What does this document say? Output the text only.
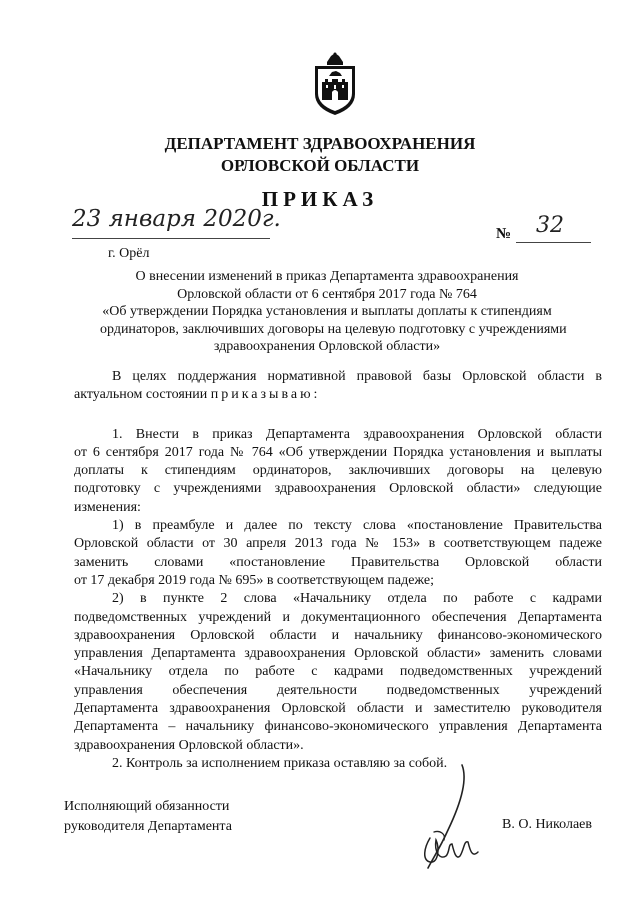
ДЕПАРТАМЕНТ ЗДРАВООХРАНЕНИЯ
ОРЛОВСКОЙ ОБЛАСТИ
ПРИКАЗ
23 января 2020г.
№ 32
г. Орёл
О внесении изменений в приказ Департамента здравоохранения
Орловской области от 6 сентября 2017 года № 764
«Об утверждении Порядка установления и выплаты доплаты к стипендиям
ординаторов, заключивших договоры на целевую подготовку с учреждениями
здравоохранения Орловской области»
В целях поддержания нормативной правовой базы Орловской области в
актуальном состоянии приказываю:
1. Внести в приказ Департамента здравоохранения Орловской области
от 6 сентября 2017 года № 764 «Об утверждении Порядка установления и выплаты
доплаты к стипендиям ординаторов, заключивших договоры на целевую
подготовку с учреждениями здравоохранения Орловской области» следующие
изменения:
1) в преамбуле и далее по тексту слова «постановление Правительства
Орловской области от 30 апреля 2013 года № 153» в соответствующем падеже
заменить словами «постановление Правительства Орловской области
от 17 декабря 2019 года № 695» в соответствующем падеже;
2) в пункте 2 слова «Начальнику отдела по работе с кадрами
подведомственных учреждений и документационного обеспечения Департамента
здравоохранения Орловской области и начальнику финансово-экономического
управления Департамента здравоохранения Орловской области» заменить словами
«Начальнику отдела по работе с кадрами подведомственных учреждений
управления обеспечения деятельности подведомственных учреждений
Департамента здравоохранения Орловской области и заместителю руководителя
Департамента – начальнику финансово-экономического управления Департамента
здравоохранения Орловской области».
2. Контроль за исполнением приказа оставляю за собой.
Исполняющий обязанности
руководителя Департамента	В. О. Николаев
